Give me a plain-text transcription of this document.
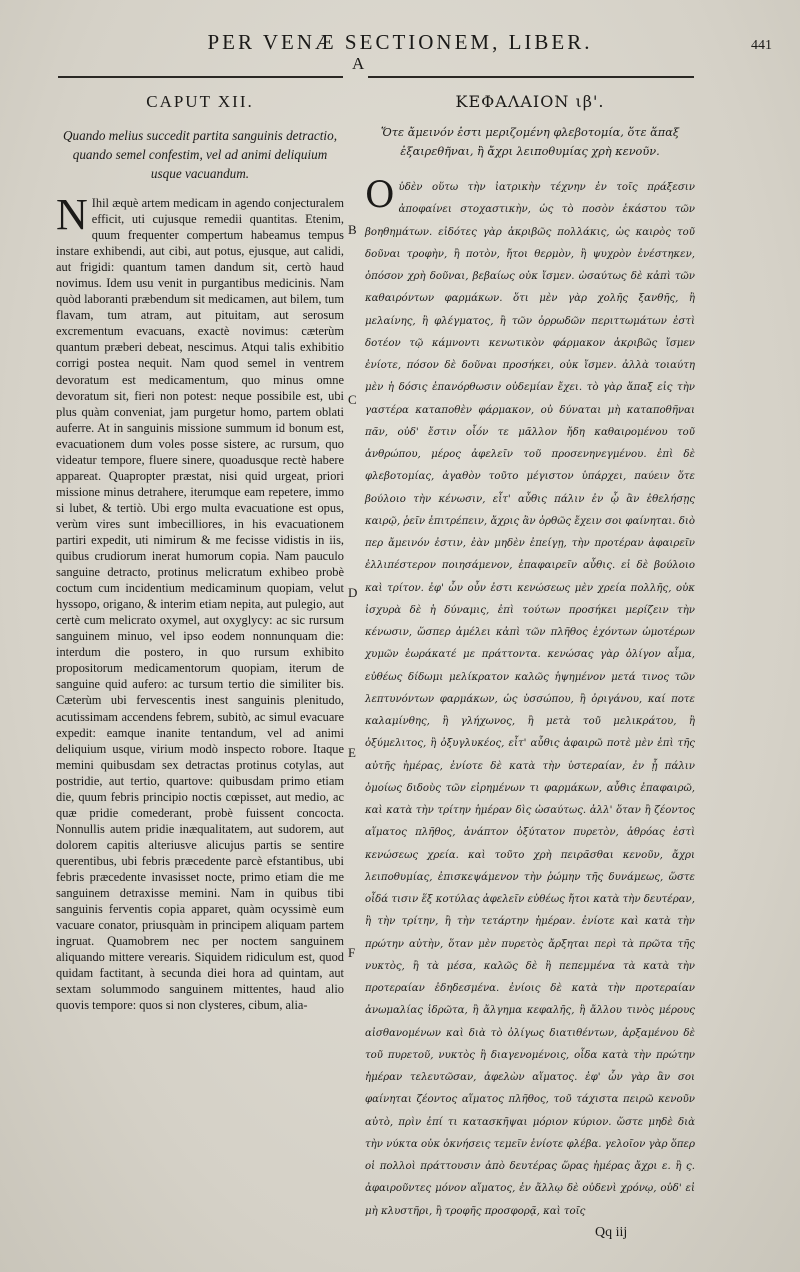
PER VENÆ SECTIONEM, LIBER.	441
A
CAPUT XII.
Quando melius succedit partita sanguinis detractio, quando semel confestim, vel ad animi deliquium usque vacuandum.

N Ihil æquè artem medicam in agendo conjecturalem efficit, uti cujusque remedii quantitas. Etenim, quum frequenter compertum habeamus tempus instare exhibendi, aut cibi, aut potus, ejusque, aut calidi, aut frigidi: quantum tamen dandum sit, certò haud novimus. Idem usu venit in purgantibus medicinis. Nam quòd laboranti præbendum sit medicamen, aut bilem, tum flavam, tum atram, aut pituitam, aut serosum excrementum evacuans, exactè novimus: cæterùm quantum præberi debeat, nescimus. Atqui talis exhibitio corrigi postea nequit. Nam quod semel in ventrem devoratum est medicamentum, quo minus omne devoratum sit, fieri non potest: neque possibile est, ubi plus quàm conveniat, jam purgetur homo, partem oblati auferre. At in sanguinis missione summum id bonum est, evacuationem dum voles posse sistere, ac rursum, quo videatur tempore, fluere sinere, quoadusque rectè habere appareat. Quapropter præstat, nisi quid urgeat, priori missione minus detrahere, iterumque eam repetere, immo si lubet, & tertiò. Ubi ergo multa evacuatione est opus, verùm vires sunt imbecilliores, in his evacuationem partiri expedit, uti nimirum & me fecisse vidistis in iis, quibus crudiorum inerat humorum copia. Nam pauculo sanguine detracto, protinus melicratum exhibeo probè coctum cum incidentium medicaminum quopiam, velut hyssopo, origano, & interim etiam nepita, aut pulegio, aut certè cum melicrato oxymel, aut oxyglycy: ac sic rursum sanguinem minuo, vel ipso eodem nonnunquam die: interdum die postero, in quo rursum exhibito propositorum medicamentorum quopiam, iterum de sanguine quid aufero: ac tursum tertio die similiter bis. Cæterùm ubi fervescentis inest sanguinis plenitudo, acutissimam accendens febrem, subitò, ac simul evacuare expedit: eamque inanite tentandum, vel ad animi deliquium usque, virium modò inspecto robore. Itaque memini quibusdam sex detractas protinus cotylas, aut postridie, aut tertio, quartove: quibusdam primo etiam die, quum febris principio noctis cœpisset, aut medio, ac quæ pridie comederant, probè fuissent concocta. Nonnullis autem pridie inæqualitatem, aut sudorem, aut dolorem capitis alteriusve alicujus partis se sentire querentibus, ubi febris præcedente parcè efstantibus, ubi febris præcedente invasisset nocte, primo etiam die me sanguinem detraxisse memini. Nam in quibus tibi sanguinis ferventis copia apparet, quàm ocyssimè eum vacuare conator, priusquàm in principem aliquam partem ingruat. Quamobrem nec per noctem sanguinem aliquando mittere verearis. Siquidem ridiculum est, quod quidam factitant, à secunda diei hora ad quintam, aut sextam solummodo sanguinem mittentes, haud alio quovis tempore: quos si non clysteres, cibum, alia-

ΚΕΦΑΛΑΙΟΝ ιβ'.
Ὅτε ἄμεινόν ἐστι μεριζομένη φλεβοτομία, ὅτε ἅπαξ ἐξαιρεθῆναι, ἢ ἄχρι λειποθυμίας χρὴ κενοῦν.

Οὐδὲν οὕτω τὴν ἰατρικὴν τέχνην ἐν τοῖς πράξεσιν ἀποφαίνει στοχαστικὴν, ὡς τὸ ποσὸν ἑκάστου τῶν βοηθημάτων. εἰδότες γὰρ ἀκριβῶς πολλάκις, ὡς καιρὸς τοῦ δοῦναι τροφὴν, ἢ ποτὸν, ἤτοι θερμὸν, ἢ ψυχρὸν ἐνέστηκεν, ὁπόσον χρὴ δοῦναι, βεβαίως οὐκ ἴσμεν. ὡσαύτως δὲ κἀπὶ τῶν καθαιρόντων φαρμάκων. ὅτι μὲν γὰρ χολῆς ξανθῆς, ἢ μελαίνης, ἢ φλέγματος, ἢ τῶν ὀρρωδῶν περιττωμάτων ἐστὶ δοτέον τῷ κάμνοντι κενωτικὸν φάρμακον ἀκριβῶς ἴσμεν ἐνίοτε, πόσον δὲ δοῦναι προσήκει, οὐκ ἴσμεν. ἀλλὰ τοιαύτη μὲν ἡ δόσις ἐπανόρθωσιν οὐδεμίαν ἔχει. τὸ γὰρ ἅπαξ εἰς τὴν γαστέρα καταποθὲν φάρμακον, οὐ δύναται μὴ καταποθῆναι πᾶν, οὐδ' ἔστιν οἷόν τε μᾶλλον ἤδη καθαιρομένου τοῦ ἀνθρώπου, μέρος ἀφελεῖν τοῦ προσενηνεγμένου. ἐπὶ δὲ φλεβοτομίας, ἀγαθὸν τοῦτο μέγιστον ὑπάρχει, παύειν ὅτε βούλοιο τὴν κένωσιν, εἶτ' αὖθις πάλιν ἐν ᾧ ἂν ἐθελήσῃς καιρῷ, ῥεῖν ἐπιτρέπειν, ἄχρις ἂν ὀρθῶς ἔχειν σοι φαίνηται. διὸ περ ἄμεινόν ἐστιν, ἐὰν μηδὲν ἐπείγῃ, τὴν προτέραν ἀφαιρεῖν ἐλλιπέστερον ποιησάμενον, ἐπαφαιρεῖν αὖθις. εἰ δὲ βούλοιο καὶ τρίτον. ἐφ' ὧν οὖν ἐστι κενώσεως μὲν χρεία πολλῆς, οὐκ ἰσχυρὰ δὲ ἡ δύναμις, ἐπὶ τούτων προσήκει μερίζειν τὴν κένωσιν, ὥσπερ ἀμέλει κἀπὶ τῶν πλῆθος ἐχόντων ὠμοτέρων χυμῶν ἑωράκατέ με πράττοντα. κενώσας γὰρ ὀλίγον αἷμα, εὐθέως δίδωμι μελίκρατον καλῶς ἡψημένον μετά τινος τῶν λεπτυνόντων φαρμάκων, ὡς ὑσσώπου, ἢ ὀριγάνου, καί ποτε καλαμίνθης, ἢ γλήχωνος, ἢ μετὰ τοῦ μελικράτου, ἢ ὀξύμελιτος, ἢ ὀξυγλυκέος, εἶτ' αὖθις ἀφαιρῶ ποτὲ μὲν ἐπὶ τῆς αὐτῆς ἡμέρας, ἐνίοτε δὲ κατὰ τὴν ὑστεραίαν, ἐν ᾗ πάλιν ὁμοίως διδοὺς τῶν εἰρημένων τι φαρμάκων, αὖθις ἐπαφαιρῶ, καὶ κατὰ τὴν τρίτην ἡμέραν δὶς ὡσαύτως. ἀλλ' ὅταν ἢ ζέοντος αἵματος πλῆθος, ἀνάπτον ὀξύτατον πυρετὸν, ἀθρόας ἐστὶ κενώσεως χρεία. καὶ τοῦτο χρὴ πειρᾶσθαι κενοῦν, ἄχρι λειποθυμίας, ἐπισκεψάμενον τὴν ῥώμην τῆς δυνάμεως, ὥστε οἶδά τισιν ἕξ κοτύλας ἀφελεῖν εὐθέως ἤτοι κατὰ τὴν δευτέραν, ἢ τὴν τρίτην, ἢ τὴν τετάρτην ἡμέραν. ἐνίοτε καὶ κατὰ τὴν πρώτην αὐτὴν, ὅταν μὲν πυρετὸς ἄρξηται περὶ τὰ πρῶτα τῆς νυκτὸς, ἢ τὰ μέσα, καλῶς δὲ ἢ πεπεμμένα τὰ κατὰ τὴν προτεραίαν ἐδηδεσμένα. ἐνίοις δὲ κατὰ τὴν προτεραίαν ἀνωμαλίας ἱδρῶτα, ἢ ἄλγημα κεφαλῆς, ἢ ἄλλου τινὸς μέρους αἰσθανομένων καὶ διὰ τὸ ὀλίγως διατιθέντων, ἀρξαμένου δὲ τοῦ πυρετοῦ, νυκτὸς ἢ διαγενομένοις, οἶδα κατὰ τὴν πρώτην ἡμέραν τελευτῶσαν, ἀφελὼν αἵματος. ἐφ' ὧν γὰρ ἂν σοι φαίνηται ζέοντος αἵματος πλῆθος, τοῦ τάχιστα πειρῶ κενοῦν αὐτὸ, πρὶν ἐπί τι κατασκῆψαι μόριον κύριον. ὥστε μηδὲ διὰ τὴν νύκτα οὐκ ὀκνήσεις τεμεῖν ἐνίοτε φλέβα. γελοῖον γὰρ ὅπερ οἱ πολλοὶ πράττουσιν ἀπὸ δευτέρας ὥρας ἡμέρας ἄχρι ε. ἢ ς. ἀφαιροῦντες μόνον αἵματος, ἐν ἄλλῳ δὲ οὐδενὶ χρόνῳ, οὐδ' εἰ μὴ κλυστῆρι, ἢ τροφῆς προσφορᾷ, καὶ τοῖς

B
C
D
E
F
Qq iij
